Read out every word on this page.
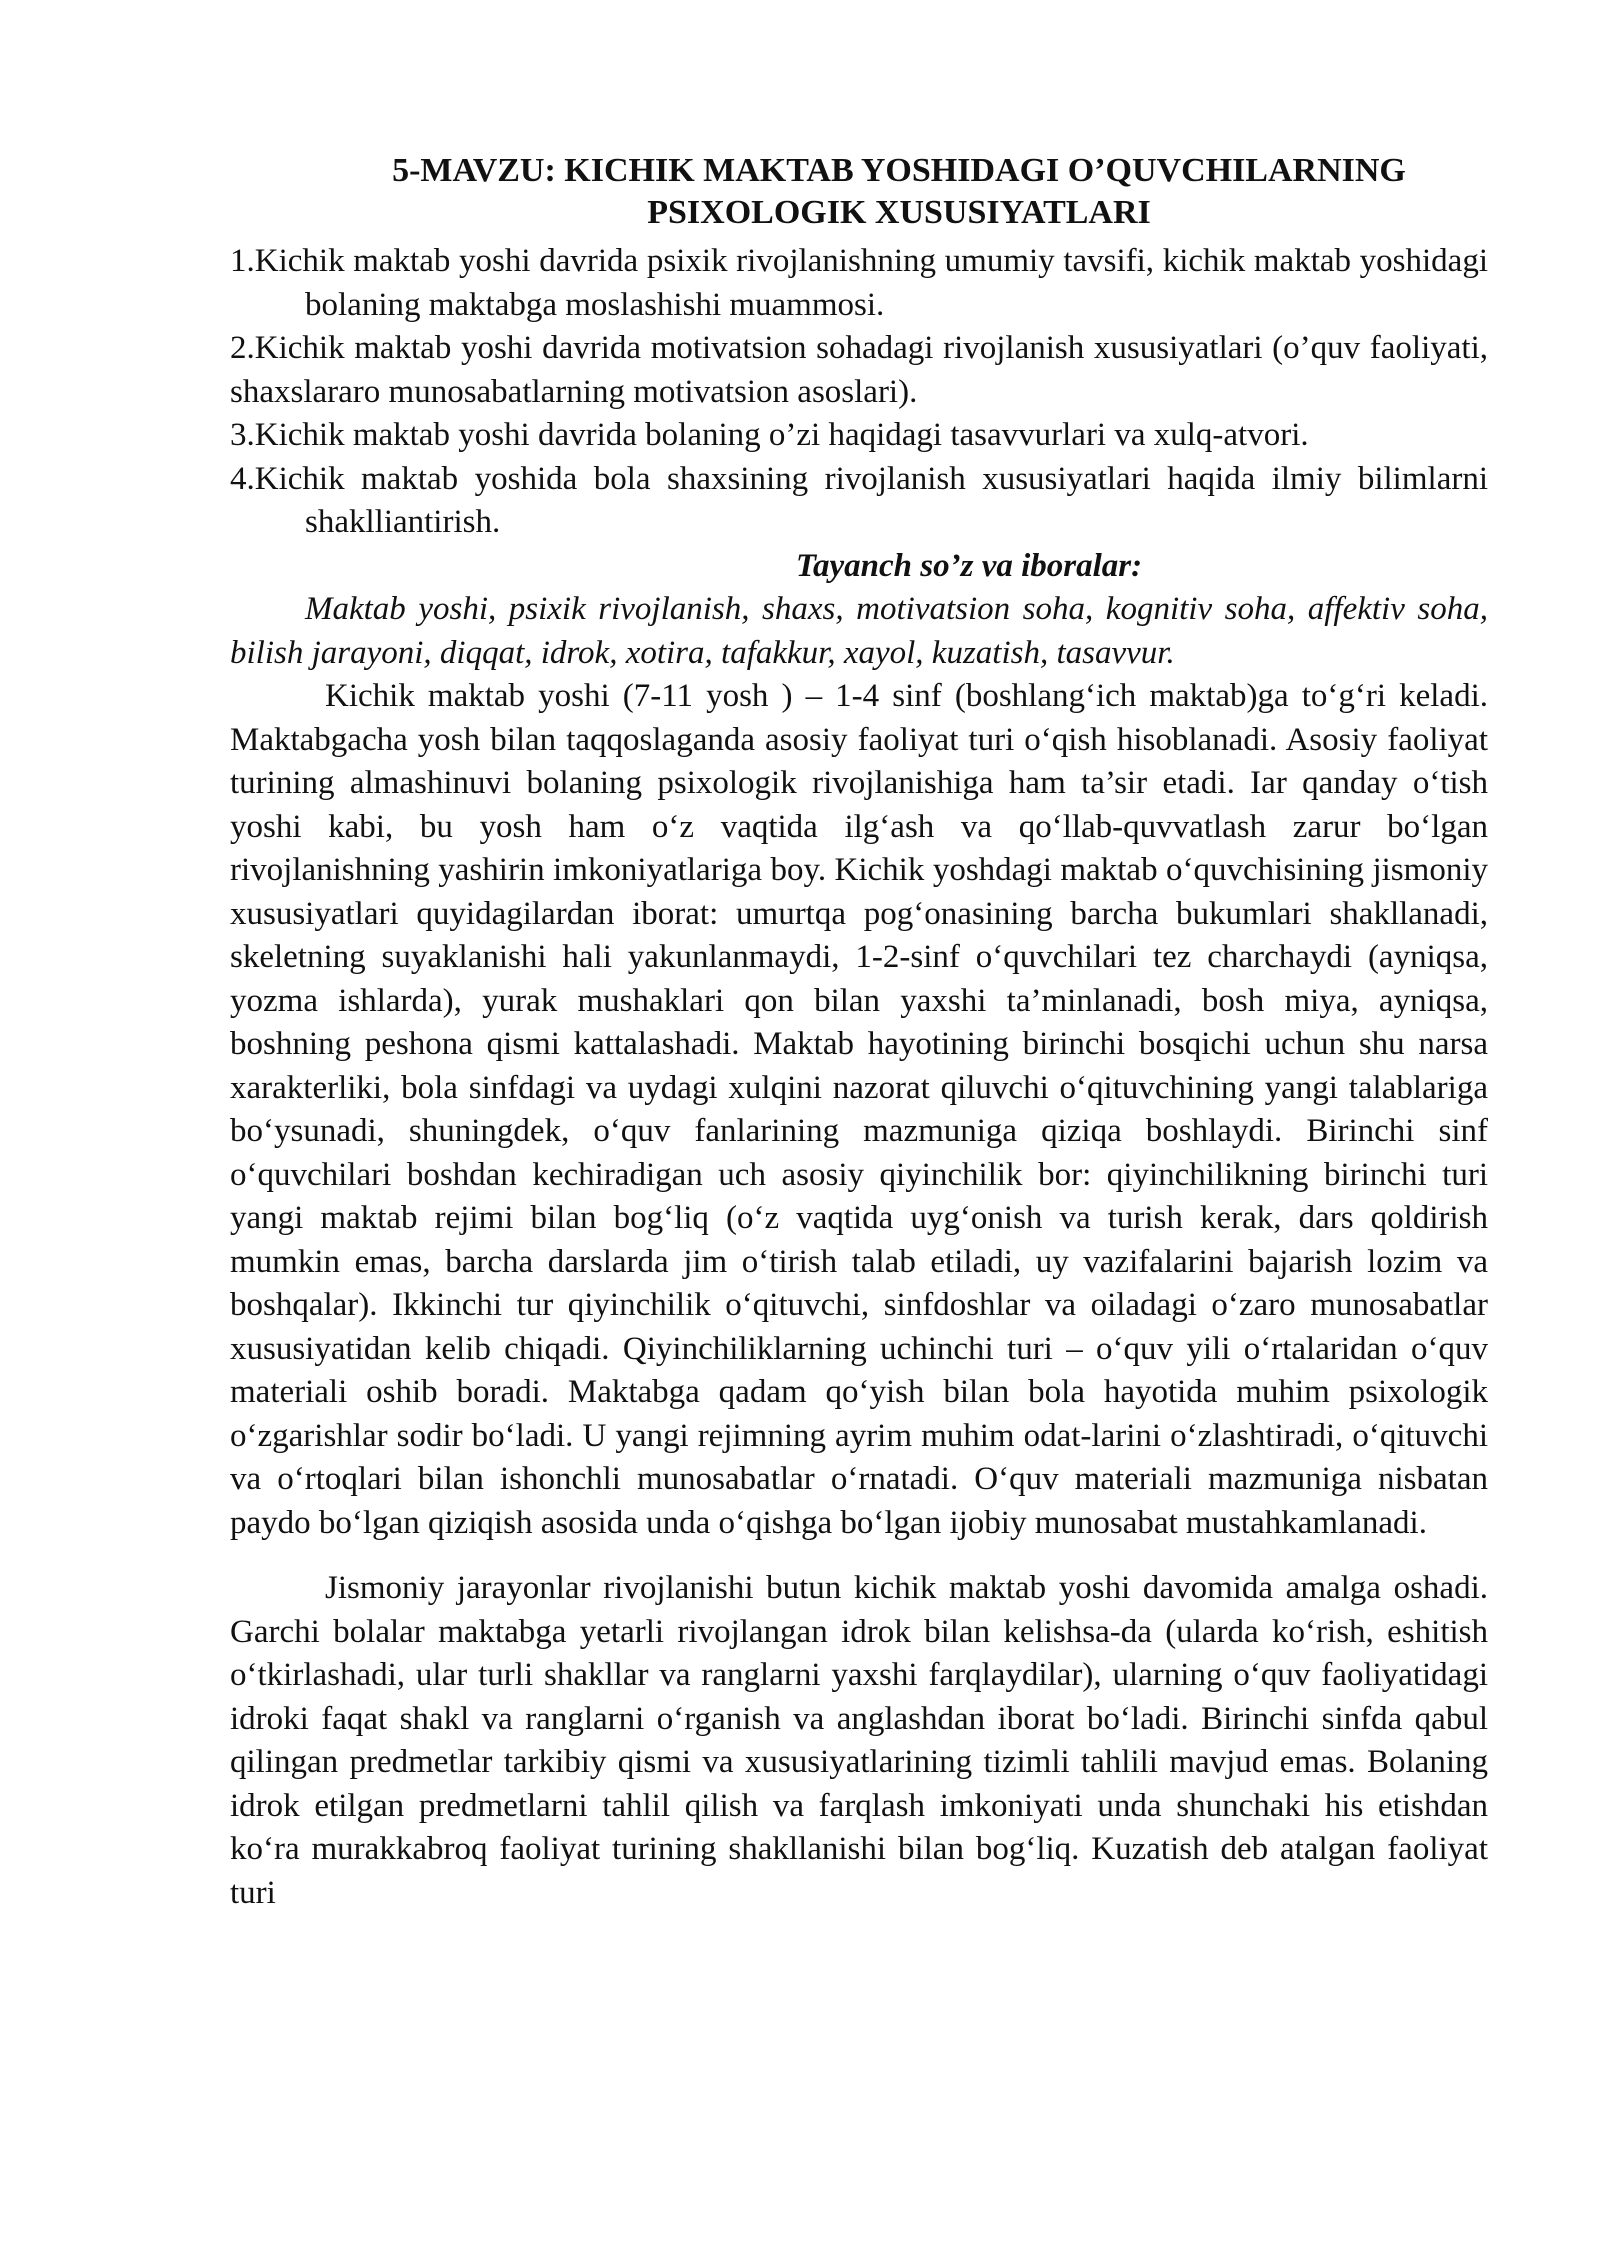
5-MAVZU: KICHIK MAKTAB YOSHIDAGI O’QUVCHILARNING
PSIXOLOGIK XUSUSIYATLARI
1.Kichik maktab yoshi davrida psixik rivojlanishning umumiy tavsifi, kichik maktab yoshidagi bolaning maktabga moslashishi muammosi.
2.Kichik maktab yoshi davrida motivatsion sohadagi rivojlanish xususiyatlari (o’quv faoliyati, shaxslararo munosabatlarning motivatsion asoslari).
3.Kichik maktab yoshi davrida bolaning o’zi haqidagi tasavvurlari va xulq-atvori.
4.Kichik maktab yoshida bola shaxsining rivojlanish xususiyatlari haqida ilmiy bilimlarni shaklliantirish.
Tayanch so’z va iboralar:
Maktab yoshi, psixik rivojlanish, shaxs, motivatsion soha, kognitiv soha, affektiv soha, bilish jarayoni, diqqat, idrok, xotira, tafakkur, xayol, kuzatish, tasavvur.

Kichik maktab yoshi (7-11 yosh ) – 1-4 sinf (boshlang‘ich maktab)ga to‘g‘ri keladi. Maktabgacha yosh bilan taqqoslaganda asosiy faoliyat turi o‘qish hisoblanadi. Asosiy faoliyat turining almashinuvi bolaning psixologik rivojlanishiga ham ta’sir etadi. Iar qanday o‘tish yoshi kabi, bu yosh ham o‘z vaqtida ilg‘ash va qo‘llab-quvvatlash zarur bo‘lgan rivojlanishning yashirin imkoniyatlariga boy. Kichik yoshdagi maktab o‘quvchisining jismoniy xususiyatlari quyidagilardan iborat: umurtqa pog‘onasining barcha bukumlari shakllanadi, skeletning suyaklanishi hali yakunlanmaydi, 1-2-sinf o‘quvchilari tez charchaydi (ayniqsa, yozma ishlarda), yurak mushaklari qon bilan yaxshi ta’minlanadi, bosh miya, ayniqsa, boshning peshona qismi kattalashadi. Maktab hayotining birinchi bosqichi uchun shu narsa xarakterliki, bola sinfdagi va uydagi xulqini nazorat qiluvchi o‘qituvchining yangi talablariga bo‘ysunadi, shuningdek, o‘quv fanlarining mazmuniga qiziqa boshlaydi. Birinchi sinf o‘quvchilari boshdan kechiradigan uch asosiy qiyinchilik bor: qiyinchilikning birinchi turi yangi maktab rejimi bilan bog‘liq (o‘z vaqtida uyg‘onish va turish kerak, dars qoldirish mumkin emas, barcha darslarda jim o‘tirish talab etiladi, uy vazifalarini bajarish lozim va boshqalar). Ikkinchi tur qiyinchilik o‘qituvchi, sinfdoshlar va oiladagi o‘zaro munosabatlar xususiyatidan kelib chiqadi. Qiyinchiliklarning uchinchi turi – o‘quv yili o‘rtalaridan o‘quv materiali oshib boradi. Maktabga qadam qo‘yish bilan bola hayotida muhim psixologik o‘zgarishlar sodir bo‘ladi. U yangi rejimning ayrim muhim odat-larini o‘zlashtiradi, o‘qituvchi va o‘rtoqlari bilan ishonchli munosabatlar o‘rnatadi. O‘quv materiali mazmuniga nisbatan paydo bo‘lgan qiziqish asosida unda o‘qishga bo‘lgan ijobiy munosabat mustahkamlanadi.

Jismoniy jarayonlar rivojlanishi butun kichik maktab yoshi davomida amalga oshadi. Garchi bolalar maktabga yetarli rivojlangan idrok bilan kelishsa-da (ularda ko‘rish, eshitish o‘tkirlashadi, ular turli shakllar va ranglarni yaxshi farqlaydilar), ularning o‘quv faoliyatidagi idroki faqat shakl va ranglarni o‘rganish va anglashdan iborat bo‘ladi. Birinchi sinfda qabul qilingan predmetlar tarkibiy qismi va xususiyatlarining tizimli tahlili mavjud emas. Bolaning idrok etilgan predmetlarni tahlil qilish va farqlash imkoniyati unda shunchaki his etishdan ko‘ra murakkabroq faoliyat turining shakllanishi bilan bog‘liq. Kuzatish deb atalgan faoliyat turi
